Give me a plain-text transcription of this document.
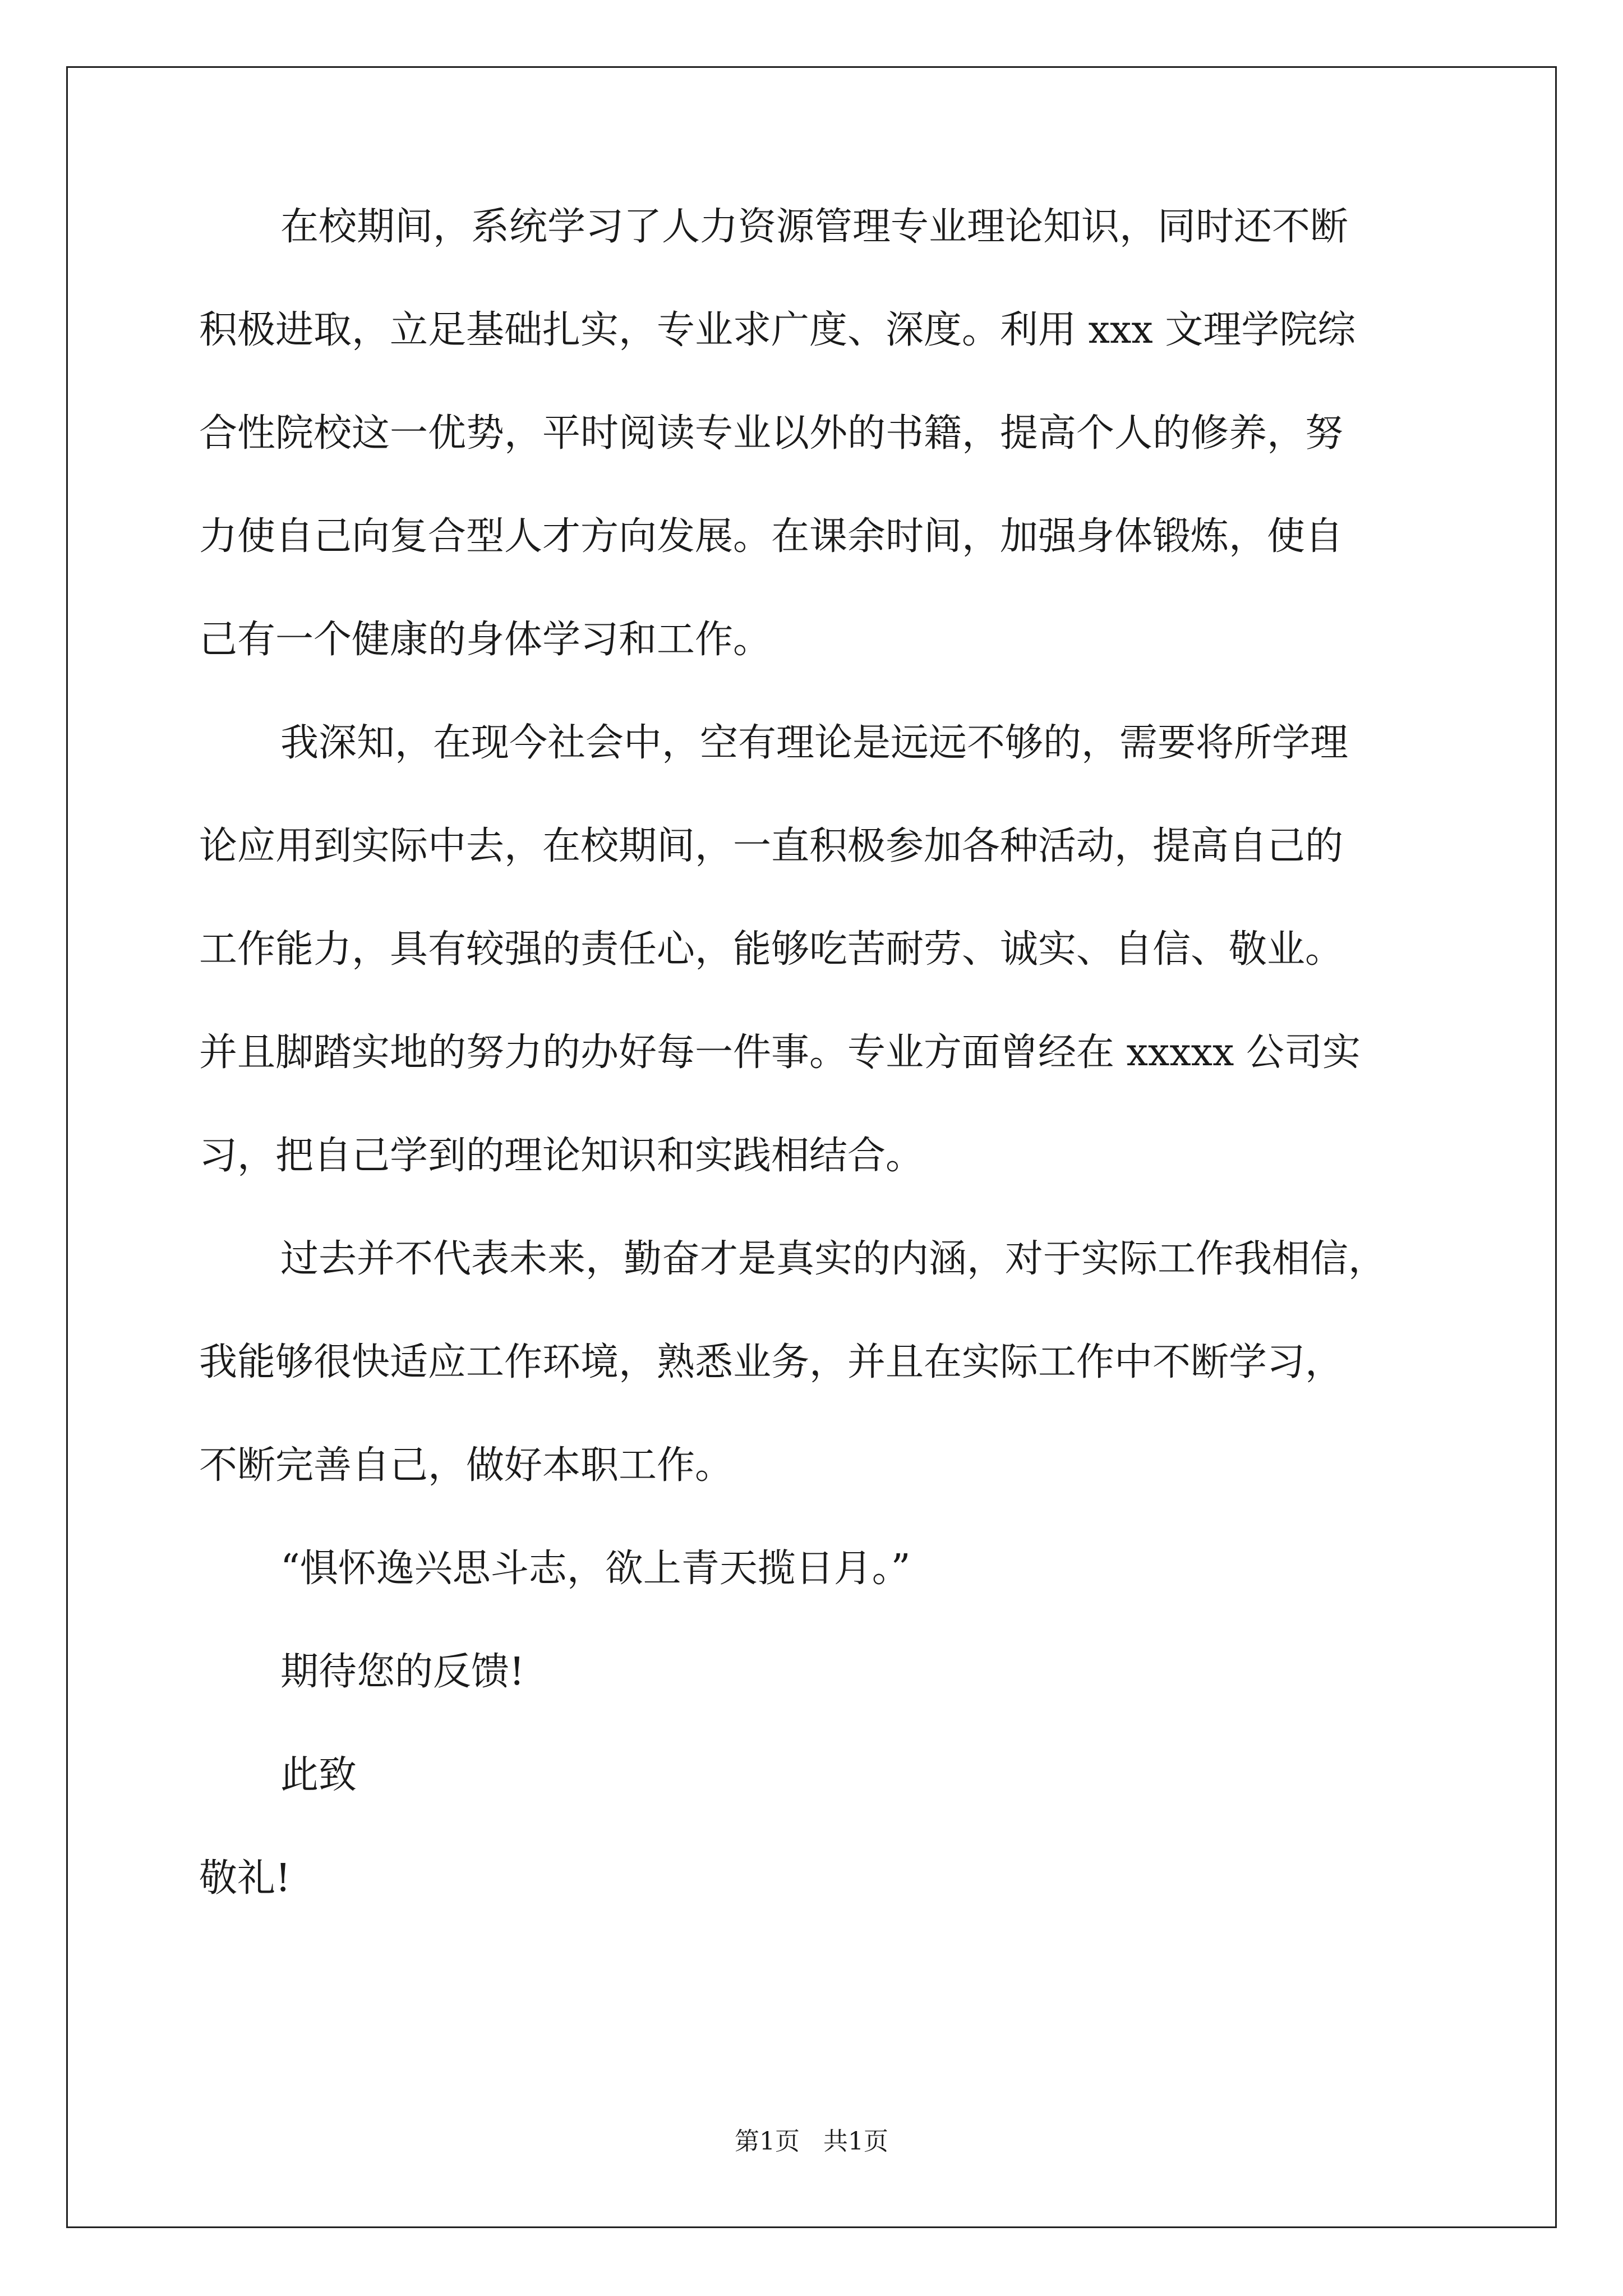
在校期间，系统学习了人力资源管理专业理论知识，同时还不断
积极进取，立足基础扎实，专业求广度、深度。利用 xxx 文理学院综
合性院校这一优势，平时阅读专业以外的书籍，提高个人的修养，努
力使自己向复合型人才方向发展。在课余时间，加强身体锻炼，使自
己有一个健康的身体学习和工作。
我深知，在现今社会中，空有理论是远远不够的，需要将所学理
论应用到实际中去，在校期间，一直积极参加各种活动，提高自己的
工作能力，具有较强的责任心，能够吃苦耐劳、诚实、自信、敬业。
并且脚踏实地的努力的办好每一件事。专业方面曾经在 xxxxx 公司实
习，把自己学到的理论知识和实践相结合。
过去并不代表未来，勤奋才是真实的内涵，对于实际工作我相信，
我能够很快适应工作环境，熟悉业务，并且在实际工作中不断学习，
不断完善自己，做好本职工作。
“惧怀逸兴思斗志，欲上青天揽日月。”
期待您的反馈!
此致
敬礼!
第1页   共1页
